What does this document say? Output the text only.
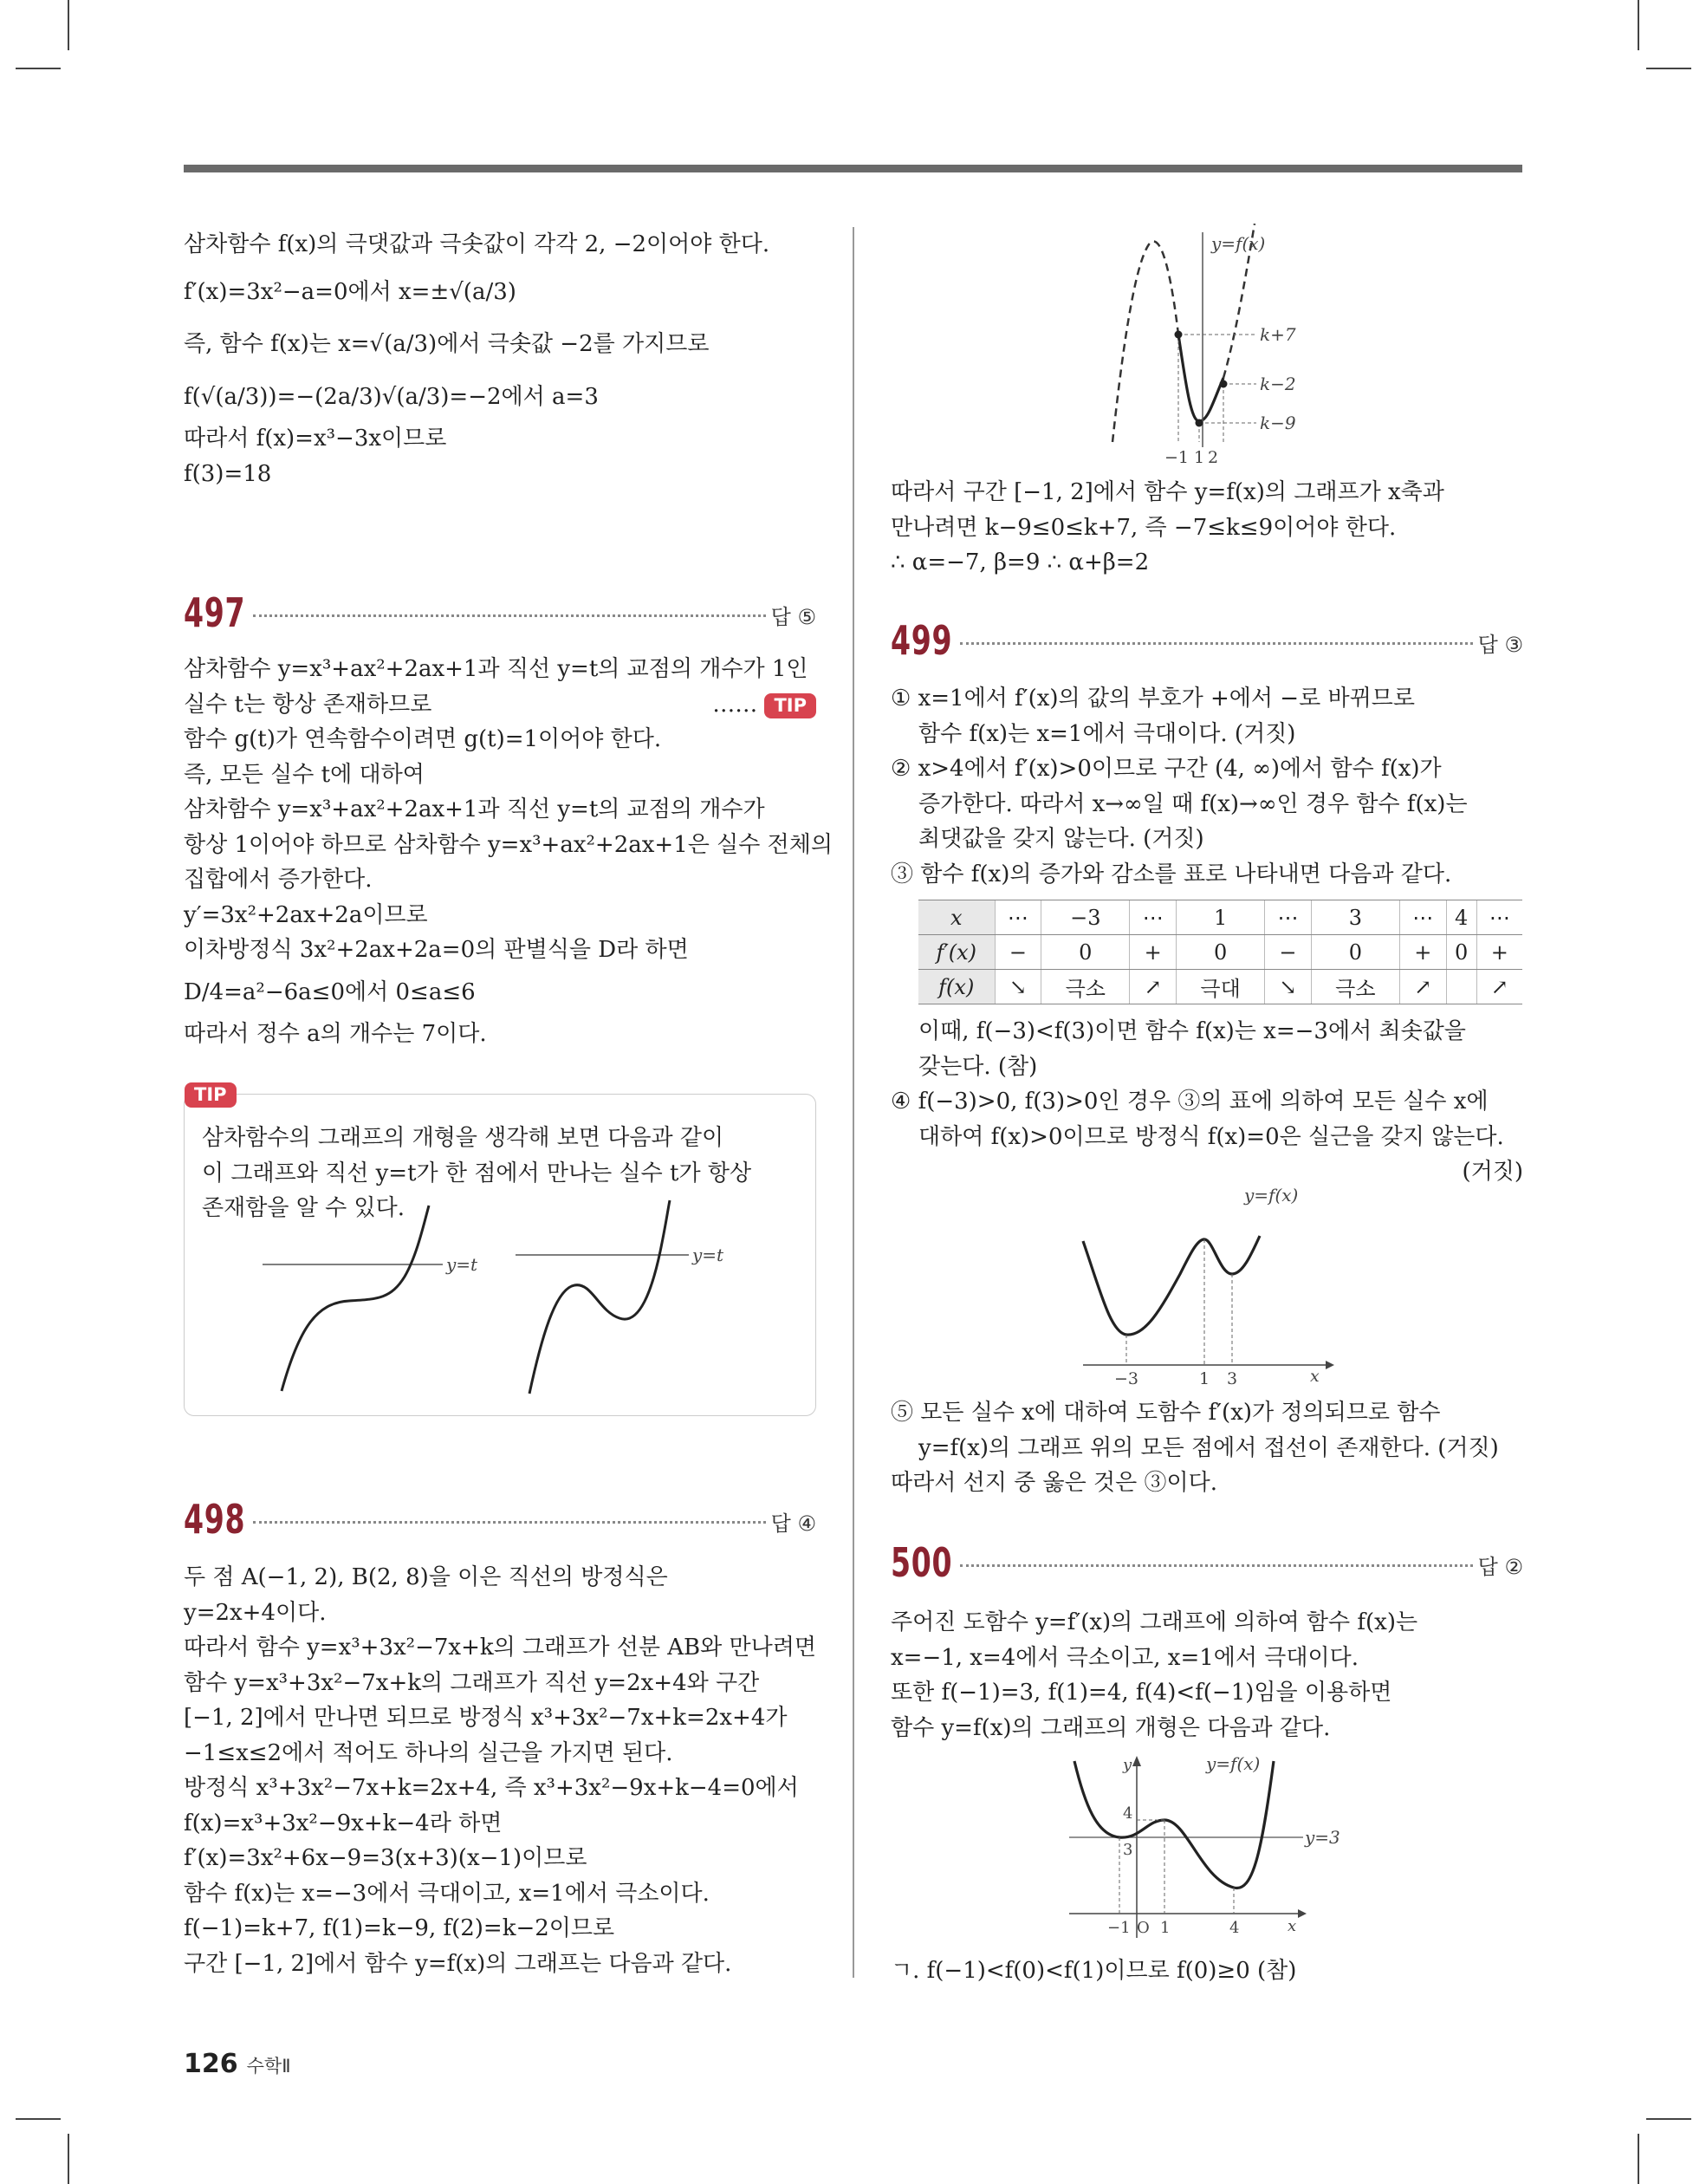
삼차함수 f(x)의 극댓값과 극솟값이 각각 2, −2이어야 한다.
f′(x)=3x²−a=0에서 x=±√(a/3)
즉, 함수 f(x)는 x=√(a/3)에서 극솟값 −2를 가지므로
f(√(a/3))=−(2a/3)√(a/3)=−2에서 a=3
따라서 f(x)=x³−3x이므로
f(3)=18
497	답 ⑤
삼차함수 y=x³+ax²+2ax+1과 직선 y=t의 교점의 개수가 1인
실수 t는 항상 존재하므로	…… TIP
함수 g(t)가 연속함수이려면 g(t)=1이어야 한다.
즉, 모든 실수 t에 대하여
삼차함수 y=x³+ax²+2ax+1과 직선 y=t의 교점의 개수가
항상 1이어야 하므로 삼차함수 y=x³+ax²+2ax+1은 실수 전체의
집합에서 증가한다.
y′=3x²+2ax+2a이므로
이차방정식 3x²+2ax+2a=0의 판별식을 D라 하면
D/4=a²−6a≤0에서 0≤a≤6
따라서 정수 a의 개수는 7이다.
TIP
삼차함수의 그래프의 개형을 생각해 보면 다음과 같이
이 그래프와 직선 y=t가 한 점에서 만나는 실수 t가 항상
존재함을 알 수 있다.
y=t	y=t
498	답 ④
두 점 A(−1, 2), B(2, 8)을 이은 직선의 방정식은
y=2x+4이다.
따라서 함수 y=x³+3x²−7x+k의 그래프가 선분 AB와 만나려면
함수 y=x³+3x²−7x+k의 그래프가 직선 y=2x+4와 구간
[−1, 2]에서 만나면 되므로 방정식 x³+3x²−7x+k=2x+4가
−1≤x≤2에서 적어도 하나의 실근을 가지면 된다.
방정식 x³+3x²−7x+k=2x+4, 즉 x³+3x²−9x+k−4=0에서
f(x)=x³+3x²−9x+k−4라 하면
f′(x)=3x²+6x−9=3(x+3)(x−1)이므로
함수 f(x)는 x=−3에서 극대이고, x=1에서 극소이다.
f(−1)=k+7, f(1)=k−9, f(2)=k−2이므로
구간 [−1, 2]에서 함수 y=f(x)의 그래프는 다음과 같다.
y=f(x)
k+7
k−2
k−9
−1 1 2
따라서 구간 [−1, 2]에서 함수 y=f(x)의 그래프가 x축과
만나려면 k−9≤0≤k+7, 즉 −7≤k≤9이어야 한다.
∴ α=−7, β=9 ∴ α+β=2
499	답 ③
① x=1에서 f′(x)의 값의 부호가 +에서 −로 바뀌므로
함수 f(x)는 x=1에서 극대이다. (거짓)
② x>4에서 f′(x)>0이므로 구간 (4, ∞)에서 함수 f(x)가
증가한다. 따라서 x→∞일 때 f(x)→∞인 경우 함수 f(x)는
최댓값을 갖지 않는다. (거짓)
③ 함수 f(x)의 증가와 감소를 표로 나타내면 다음과 같다.
x	⋯	−3	⋯	1	⋯	3	⋯	4	⋯
f′(x)	−	0	+	0	−	0	+	0	+
f(x)	↘	극소	↗	극대	↘	극소	↗		↗
이때, f(−3)<f(3)이면 함수 f(x)는 x=−3에서 최솟값을
갖는다. (참)
④ f(−3)>0, f(3)>0인 경우 ③의 표에 의하여 모든 실수 x에
대하여 f(x)>0이므로 방정식 f(x)=0은 실근을 갖지 않는다.
(거짓)
y=f(x)
−3	1 3	x
⑤ 모든 실수 x에 대하여 도함수 f′(x)가 정의되므로 함수
y=f(x)의 그래프 위의 모든 점에서 접선이 존재한다. (거짓)
따라서 선지 중 옳은 것은 ③이다.
500	답 ②
주어진 도함수 y=f′(x)의 그래프에 의하여 함수 f(x)는
x=−1, x=4에서 극소이고, x=1에서 극대이다.
또한 f(−1)=3, f(1)=4, f(4)<f(−1)임을 이용하면
함수 y=f(x)의 그래프의 개형은 다음과 같다.
y	y=f(x)
y=3
4
3
−1 O 1	4	x
ㄱ. f(−1)<f(0)<f(1)이므로 f(0)≥0 (참)
126 수학Ⅱ
